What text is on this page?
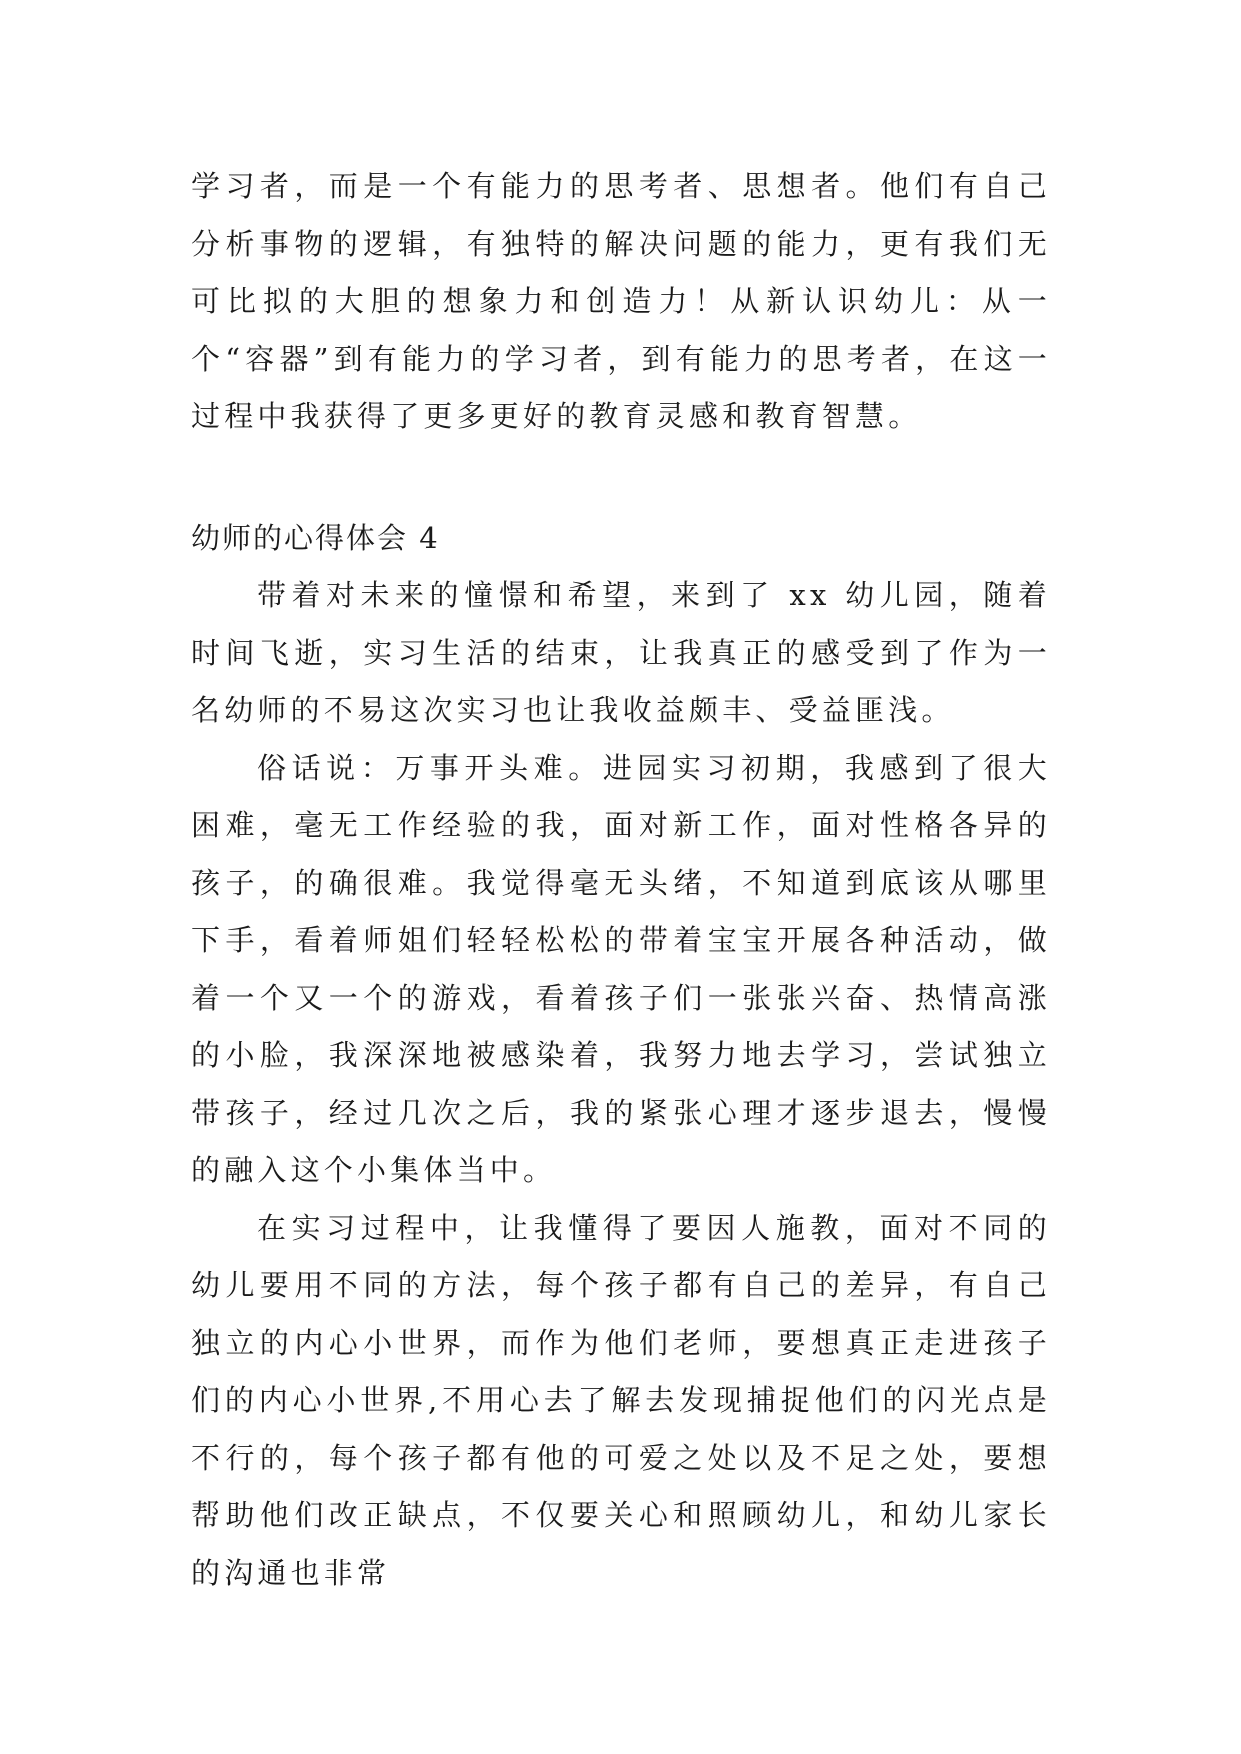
学习者，而是一个有能力的思考者、思想者。他们有自己分析事物的逻辑，有独特的解决问题的能力，更有我们无可比拟的大胆的想象力和创造力！从新认识幼儿：从一个“容器”到有能力的学习者，到有能力的思考者，在这一过程中我获得了更多更好的教育灵感和教育智慧。

幼师的心得体会 4

带着对未来的憧憬和希望，来到了 xx 幼儿园，随着时间飞逝，实习生活的结束，让我真正的感受到了作为一名幼师的不易这次实习也让我收益颇丰、受益匪浅。

俗话说：万事开头难。进园实习初期，我感到了很大困难，毫无工作经验的我，面对新工作，面对性格各异的孩子，的确很难。我觉得毫无头绪，不知道到底该从哪里下手，看着师姐们轻轻松松的带着宝宝开展各种活动，做着一个又一个的游戏，看着孩子们一张张兴奋、热情高涨的小脸，我深深地被感染着，我努力地去学习，尝试独立带孩子，经过几次之后，我的紧张心理才逐步退去，慢慢的融入这个小集体当中。

在实习过程中，让我懂得了要因人施教，面对不同的幼儿要用不同的方法，每个孩子都有自己的差异，有自己独立的内心小世界，而作为他们老师，要想真正走进孩子们的内心小世界,不用心去了解去发现捕捉他们的闪光点是不行的，每个孩子都有他的可爱之处以及不足之处，要想帮助他们改正缺点，不仅要关心和照顾幼儿，和幼儿家长的沟通也非常
